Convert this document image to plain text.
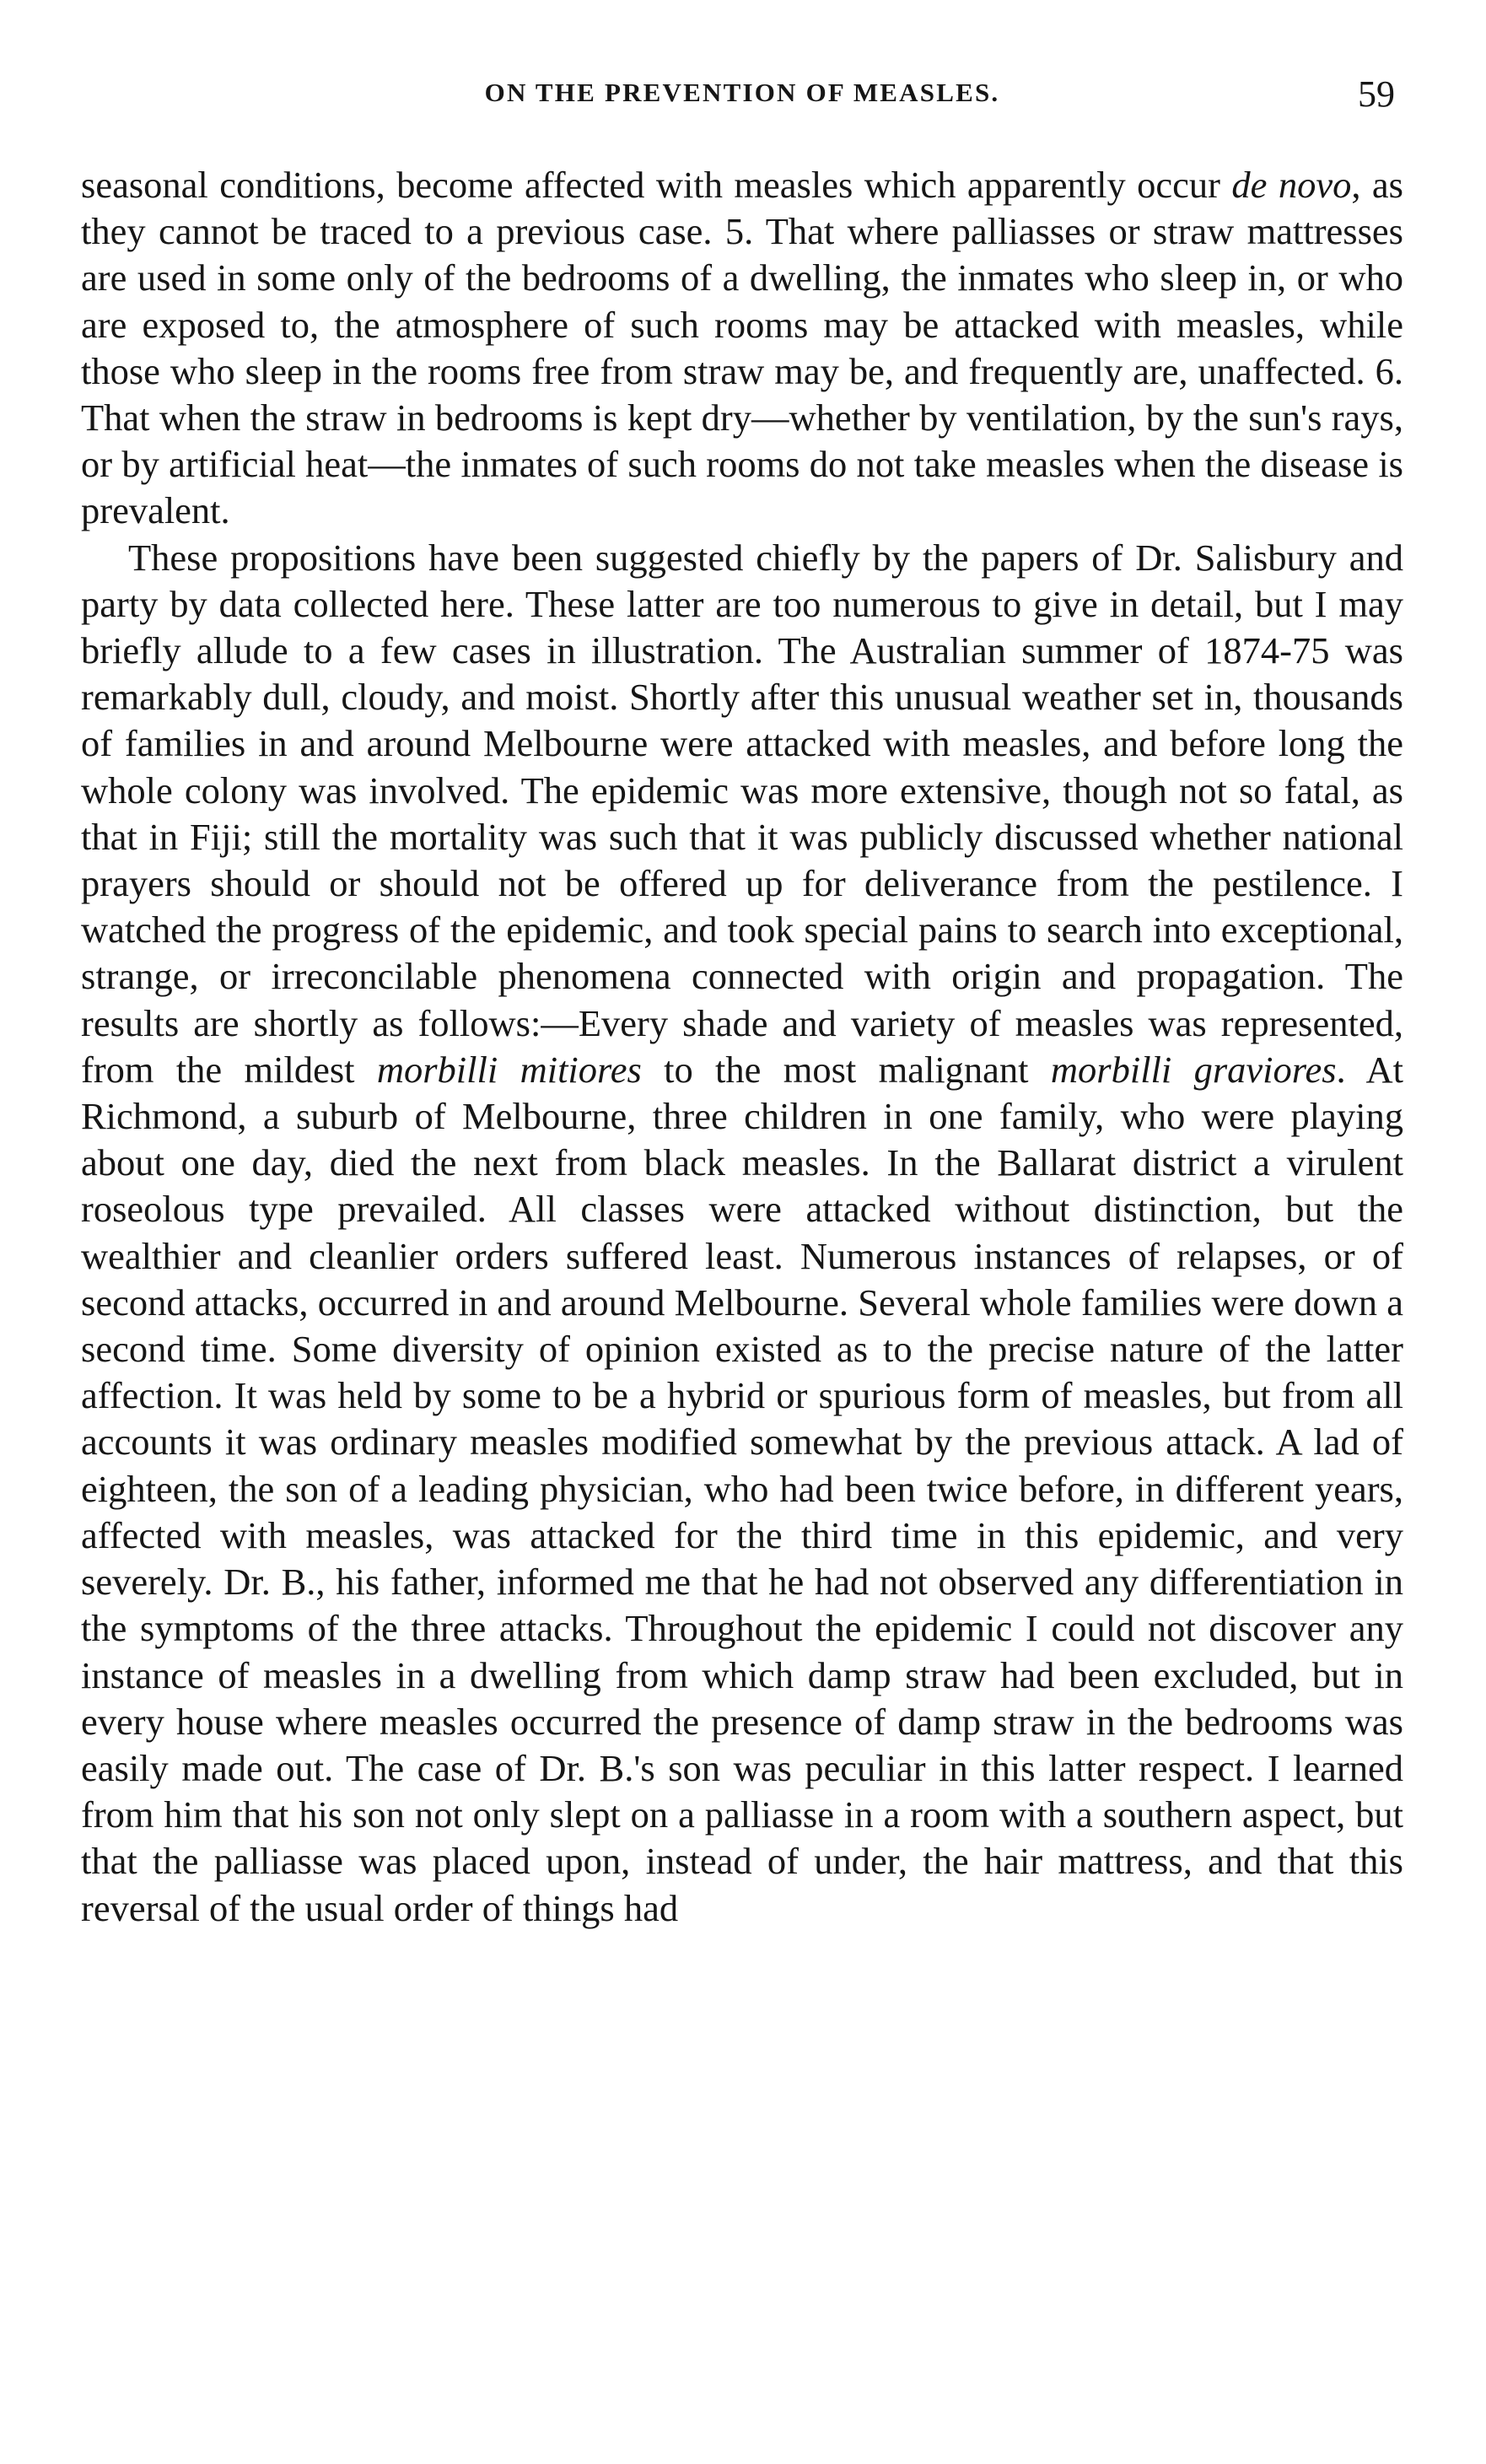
ON THE PREVENTION OF MEASLES.	59

seasonal conditions, become affected with measles which apparently occur de novo, as they cannot be traced to a previous case. 5. That where palliasses or straw mattresses are used in some only of the bedrooms of a dwelling, the inmates who sleep in, or who are exposed to, the atmosphere of such rooms may be attacked with measles, while those who sleep in the rooms free from straw may be, and frequently are, unaffected. 6. That when the straw in bedrooms is kept dry—whether by ventilation, by the sun's rays, or by artificial heat—the inmates of such rooms do not take measles when the disease is prevalent.

These propositions have been suggested chiefly by the papers of Dr. Salisbury and party by data collected here. These latter are too numerous to give in detail, but I may briefly allude to a few cases in illustration. The Australian summer of 1874-75 was remarkably dull, cloudy, and moist. Shortly after this unusual weather set in, thousands of families in and around Melbourne were attacked with measles, and before long the whole colony was involved. The epidemic was more extensive, though not so fatal, as that in Fiji; still the mortality was such that it was publicly discussed whether national prayers should or should not be offered up for deliverance from the pestilence. I watched the progress of the epidemic, and took special pains to search into exceptional, strange, or irreconcilable phenomena connected with origin and propagation. The results are shortly as follows:—Every shade and variety of measles was represented, from the mildest morbilli mitiores to the most malignant morbilli graviores. At Richmond, a suburb of Melbourne, three children in one family, who were playing about one day, died the next from black measles. In the Ballarat district a virulent roseolous type prevailed. All classes were attacked without distinction, but the wealthier and cleanlier orders suffered least. Numerous instances of relapses, or of second attacks, occurred in and around Melbourne. Several whole families were down a second time. Some diversity of opinion existed as to the precise nature of the latter affection. It was held by some to be a hybrid or spurious form of measles, but from all accounts it was ordinary measles modified somewhat by the previous attack. A lad of eighteen, the son of a leading physician, who had been twice before, in different years, affected with measles, was attacked for the third time in this epidemic, and very severely. Dr. B., his father, informed me that he had not observed any differentiation in the symptoms of the three attacks. Throughout the epidemic I could not discover any instance of measles in a dwelling from which damp straw had been excluded, but in every house where measles occurred the presence of damp straw in the bedrooms was easily made out. The case of Dr. B.'s son was peculiar in this latter respect. I learned from him that his son not only slept on a palliasse in a room with a southern aspect, but that the palliasse was placed upon, instead of under, the hair mattress, and that this reversal of the usual order of things had
